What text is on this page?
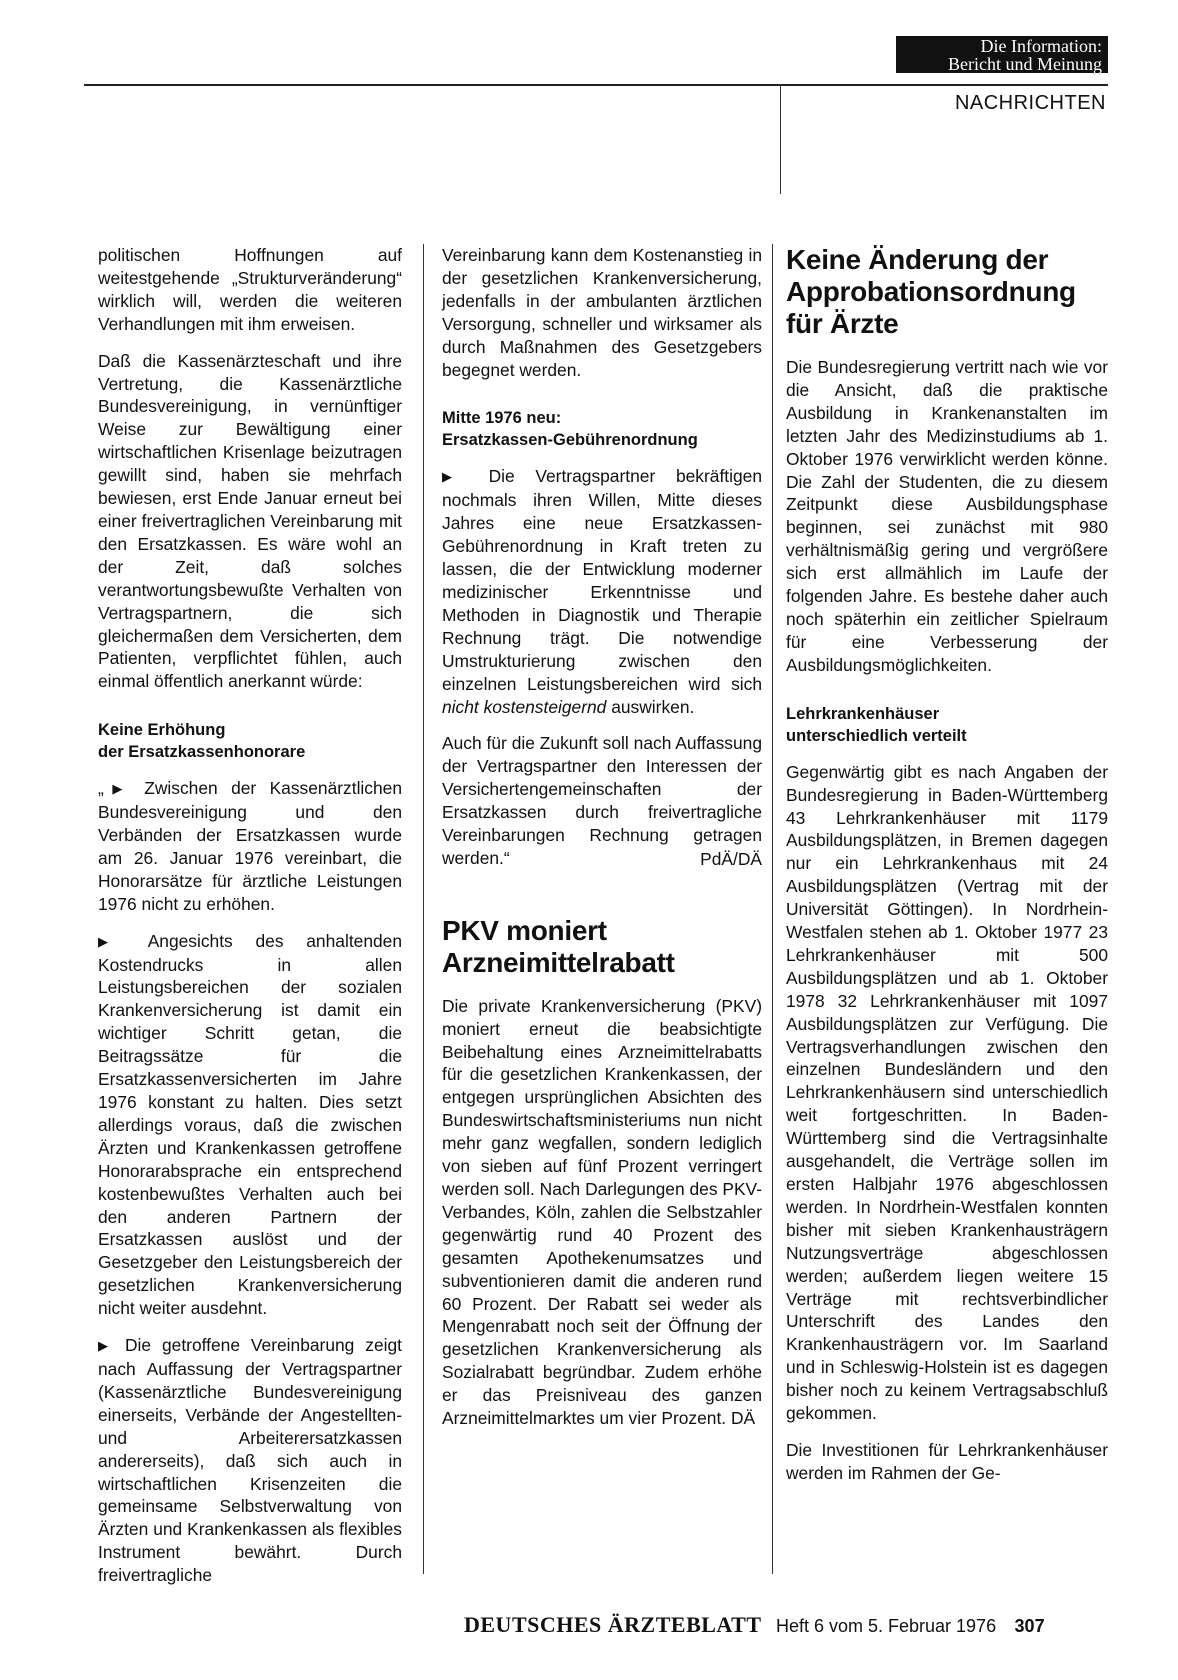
Die Information:
Bericht und Meinung
NACHRICHTEN

politischen Hoffnungen auf weitestgehende „Strukturveränderung“ wirklich will, werden die weiteren Verhandlungen mit ihm erweisen.

Daß die Kassenärzteschaft und ihre Vertretung, die Kassenärztliche Bundesvereinigung, in vernünftiger Weise zur Bewältigung einer wirtschaftlichen Krisenlage beizutragen gewillt sind, haben sie mehrfach bewiesen, erst Ende Januar erneut bei einer freivertraglichen Vereinbarung mit den Ersatzkassen. Es wäre wohl an der Zeit, daß solches verantwortungsbewußte Verhalten von Vertragspartnern, die sich gleichermaßen dem Versicherten, dem Patienten, verpflichtet fühlen, auch einmal öffentlich anerkannt würde:

Keine Erhöhung
der Ersatzkassenhonorare

„▶ Zwischen der Kassenärztlichen Bundesvereinigung und den Verbänden der Ersatzkassen wurde am 26. Januar 1976 vereinbart, die Honorarsätze für ärztliche Leistungen 1976 nicht zu erhöhen.

▶ Angesichts des anhaltenden Kostendrucks in allen Leistungsbereichen der sozialen Krankenversicherung ist damit ein wichtiger Schritt getan, die Beitragssätze für die Ersatzkassenversicherten im Jahre 1976 konstant zu halten. Dies setzt allerdings voraus, daß die zwischen Ärzten und Krankenkassen getroffene Honorarabsprache ein entsprechend kostenbewußtes Verhalten auch bei den anderen Partnern der Ersatzkassen auslöst und der Gesetzgeber den Leistungsbereich der gesetzlichen Krankenversicherung nicht weiter ausdehnt.

▶ Die getroffene Vereinbarung zeigt nach Auffassung der Vertragspartner (Kassenärztliche Bundesvereinigung einerseits, Verbände der Angestellten- und Arbeiterersatzkassen andererseits), daß sich auch in wirtschaftlichen Krisenzeiten die gemeinsame Selbstverwaltung von Ärzten und Krankenkassen als flexibles Instrument bewährt. Durch freivertragliche

Vereinbarung kann dem Kostenanstieg in der gesetzlichen Krankenversicherung, jedenfalls in der ambulanten ärztlichen Versorgung, schneller und wirksamer als durch Maßnahmen des Gesetzgebers begegnet werden.

Mitte 1976 neu:
Ersatzkassen-Gebührenordnung

▶ Die Vertragspartner bekräftigen nochmals ihren Willen, Mitte dieses Jahres eine neue Ersatzkassen-Gebührenordnung in Kraft treten zu lassen, die der Entwicklung moderner medizinischer Erkenntnisse und Methoden in Diagnostik und Therapie Rechnung trägt. Die notwendige Umstrukturierung zwischen den einzelnen Leistungsbereichen wird sich nicht kostensteigernd auswirken.

Auch für die Zukunft soll nach Auffassung der Vertragspartner den Interessen der Versichertengemeinschaften der Ersatzkassen durch freivertragliche Vereinbarungen Rechnung getragen werden.“	PdÄ/DÄ
PKV moniert
Arzneimittelrabatt

Die private Krankenversicherung (PKV) moniert erneut die beabsichtigte Beibehaltung eines Arzneimittelrabatts für die gesetzlichen Krankenkassen, der entgegen ursprünglichen Absichten des Bundeswirtschaftsministeriums nun nicht mehr ganz wegfallen, sondern lediglich von sieben auf fünf Prozent verringert werden soll. Nach Darlegungen des PKV-Verbandes, Köln, zahlen die Selbstzahler gegenwärtig rund 40 Prozent des gesamten Apothekenumsatzes und subventionieren damit die anderen rund 60 Prozent. Der Rabatt sei weder als Mengenrabatt noch seit der Öffnung der gesetzlichen Krankenversicherung als Sozialrabatt begründbar. Zudem erhöhe er das Preisniveau des ganzen Arzneimittelmarktes um vier Prozent. DÄ

Keine Änderung der
Approbationsordnung
für Ärzte

Die Bundesregierung vertritt nach wie vor die Ansicht, daß die praktische Ausbildung in Krankenanstalten im letzten Jahr des Medizinstudiums ab 1. Oktober 1976 verwirklicht werden könne. Die Zahl der Studenten, die zu diesem Zeitpunkt diese Ausbildungsphase beginnen, sei zunächst mit 980 verhältnismäßig gering und vergrößere sich erst allmählich im Laufe der folgenden Jahre. Es bestehe daher auch noch späterhin ein zeitlicher Spielraum für eine Verbesserung der Ausbildungsmöglichkeiten.

Lehrkrankenhäuser
unterschiedlich verteilt

Gegenwärtig gibt es nach Angaben der Bundesregierung in Baden-Württemberg 43 Lehrkrankenhäuser mit 1179 Ausbildungsplätzen, in Bremen dagegen nur ein Lehrkrankenhaus mit 24 Ausbildungsplätzen (Vertrag mit der Universität Göttingen). In Nordrhein-Westfalen stehen ab 1. Oktober 1977 23 Lehrkrankenhäuser mit 500 Ausbildungsplätzen und ab 1. Oktober 1978 32 Lehrkrankenhäuser mit 1097 Ausbildungsplätzen zur Verfügung. Die Vertragsverhandlungen zwischen den einzelnen Bundesländern und den Lehrkrankenhäusern sind unterschiedlich weit fortgeschritten. In Baden-Württemberg sind die Vertragsinhalte ausgehandelt, die Verträge sollen im ersten Halbjahr 1976 abgeschlossen werden. In Nordrhein-Westfalen konnten bisher mit sieben Krankenhausträgern Nutzungsverträge abgeschlossen werden; außerdem liegen weitere 15 Verträge mit rechtsverbindlicher Unterschrift des Landes den Krankenhausträgern vor. Im Saarland und in Schleswig-Holstein ist es dagegen bisher noch zu keinem Vertragsabschluß gekommen.

Die Investitionen für Lehrkrankenhäuser werden im Rahmen der Ge-

DEUTSCHES ÄRZTEBLATT Heft 6 vom 5. Februar 1976 307
